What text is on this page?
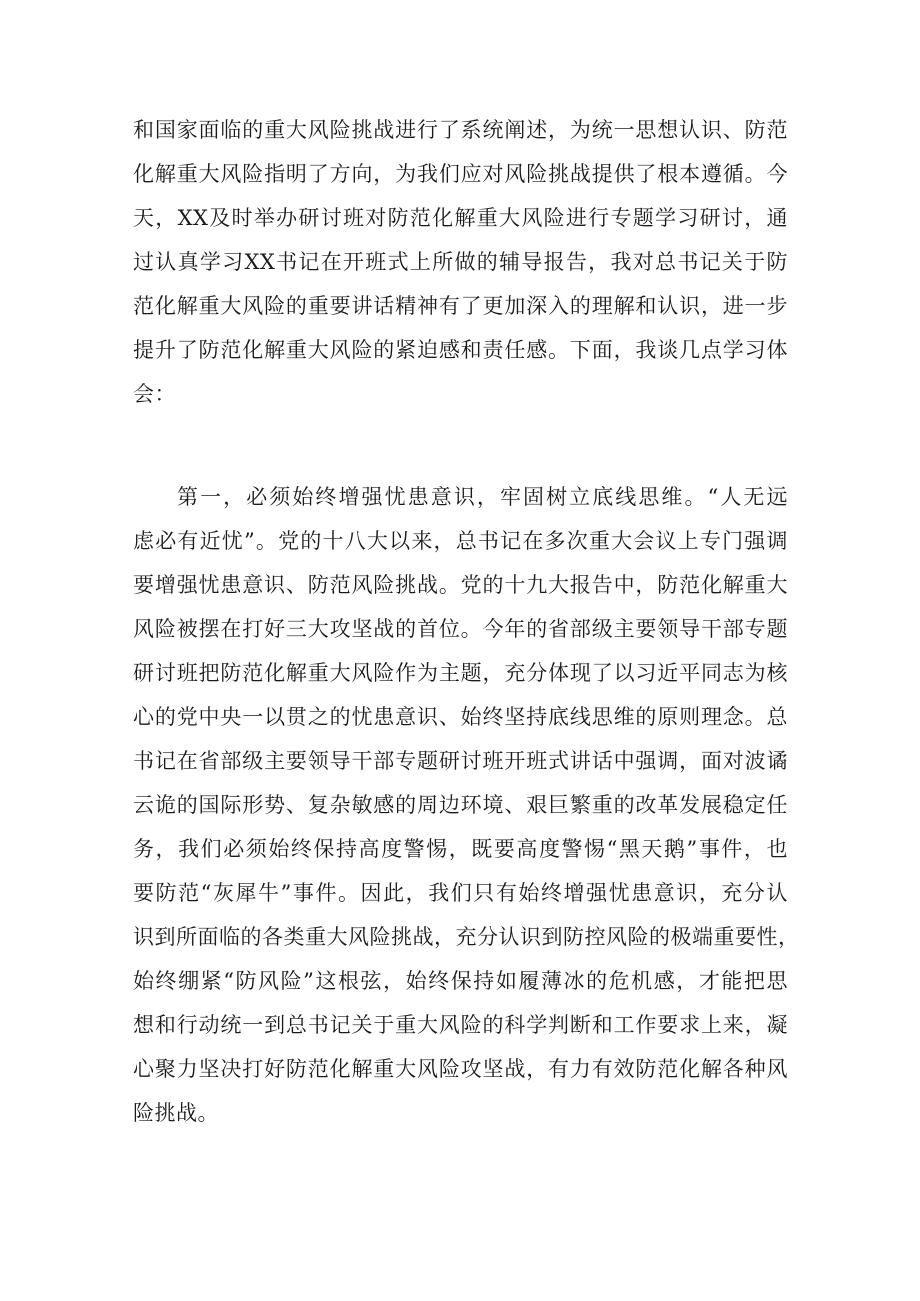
和国家面临的重大风险挑战进行了系统阐述，为统一思想认识、防范
化解重大风险指明了方向，为我们应对风险挑战提供了根本遵循。今
天，XX及时举办研讨班对防范化解重大风险进行专题学习研讨，通
过认真学习XX书记在开班式上所做的辅导报告，我对总书记关于防
范化解重大风险的重要讲话精神有了更加深入的理解和认识，进一步
提升了防范化解重大风险的紧迫感和责任感。下面，我谈几点学习体
会：
第一，必须始终增强忧患意识，牢固树立底线思维。“人无远
虑必有近忧”。党的十八大以来，总书记在多次重大会议上专门强调
要增强忧患意识、防范风险挑战。党的十九大报告中，防范化解重大
风险被摆在打好三大攻坚战的首位。今年的省部级主要领导干部专题
研讨班把防范化解重大风险作为主题，充分体现了以习近平同志为核
心的党中央一以贯之的忧患意识、始终坚持底线思维的原则理念。总
书记在省部级主要领导干部专题研讨班开班式讲话中强调，面对波谲
云诡的国际形势、复杂敏感的周边环境、艰巨繁重的改革发展稳定任
务，我们必须始终保持高度警惕，既要高度警惕“黑天鹅”事件，也
要防范“灰犀牛”事件。因此，我们只有始终增强忧患意识，充分认
识到所面临的各类重大风险挑战，充分认识到防控风险的极端重要性，
始终绷紧“防风险”这根弦，始终保持如履薄冰的危机感，才能把思
想和行动统一到总书记关于重大风险的科学判断和工作要求上来，凝
心聚力坚决打好防范化解重大风险攻坚战，有力有效防范化解各种风
险挑战。
